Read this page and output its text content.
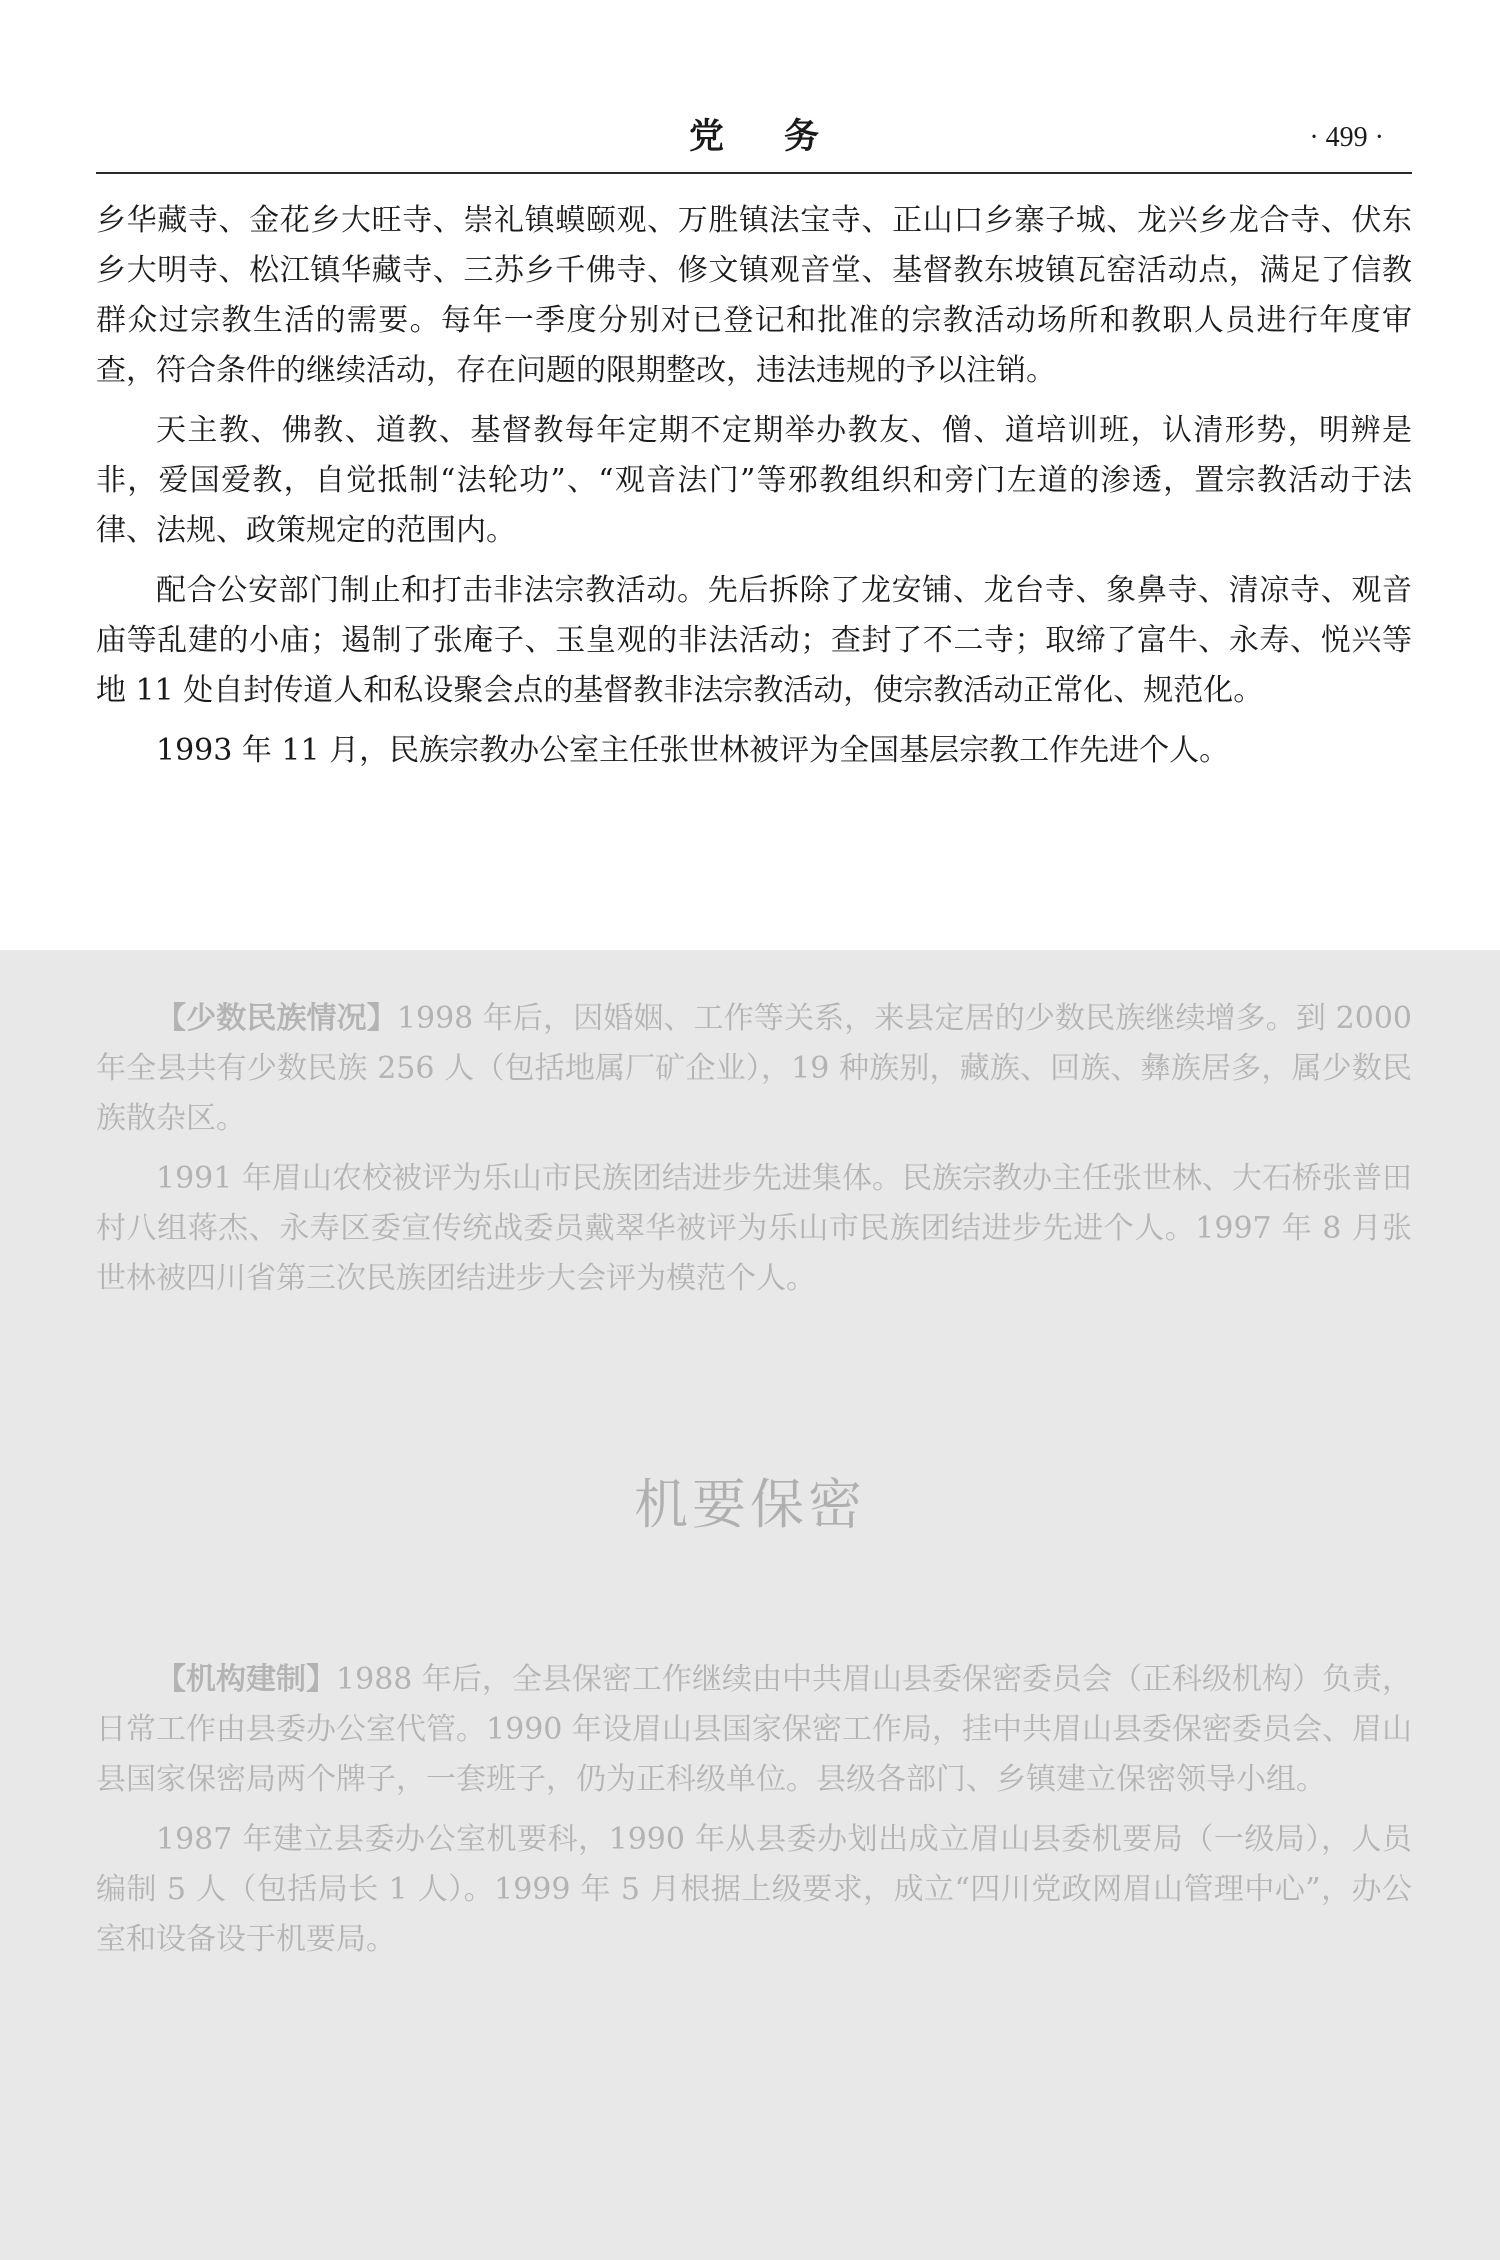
党务	· 499 ·

乡华藏寺、金花乡大旺寺、崇礼镇蟆颐观、万胜镇法宝寺、正山口乡寨子城、龙兴乡龙合寺、伏东乡大明寺、松江镇华藏寺、三苏乡千佛寺、修文镇观音堂、基督教东坡镇瓦窑活动点，满足了信教群众过宗教生活的需要。每年一季度分别对已登记和批准的宗教活动场所和教职人员进行年度审查，符合条件的继续活动，存在问题的限期整改，违法违规的予以注销。

天主教、佛教、道教、基督教每年定期不定期举办教友、僧、道培训班，认清形势，明辨是非，爱国爱教，自觉抵制“法轮功”、“观音法门”等邪教组织和旁门左道的渗透，置宗教活动于法律、法规、政策规定的范围内。

配合公安部门制止和打击非法宗教活动。先后拆除了龙安铺、龙台寺、象鼻寺、清凉寺、观音庙等乱建的小庙；遏制了张庵子、玉皇观的非法活动；查封了不二寺；取缔了富牛、永寿、悦兴等地 11 处自封传道人和私设聚会点的基督教非法宗教活动，使宗教活动正常化、规范化。

1993 年 11 月，民族宗教办公室主任张世林被评为全国基层宗教工作先进个人。

【少数民族情况】1998 年后，因婚姻、工作等关系，来县定居的少数民族继续增多。到 2000 年全县共有少数民族 256 人（包括地属厂矿企业），19 种族别，藏族、回族、彝族居多，属少数民族散杂区。

1991 年眉山农校被评为乐山市民族团结进步先进集体。民族宗教办主任张世林、大石桥张普田村八组蒋杰、永寿区委宣传统战委员戴翠华被评为乐山市民族团结进步先进个人。1997 年 8 月张世林被四川省第三次民族团结进步大会评为模范个人。

机要保密

【机构建制】1988 年后，全县保密工作继续由中共眉山县委保密委员会（正科级机构）负责，日常工作由县委办公室代管。1990 年设眉山县国家保密工作局，挂中共眉山县委保密委员会、眉山县国家保密局两个牌子，一套班子，仍为正科级单位。县级各部门、乡镇建立保密领导小组。

1987 年建立县委办公室机要科，1990 年从县委办划出成立眉山县委机要局（一级局），人员编制 5 人（包括局长 1 人）。1999 年 5 月根据上级要求，成立“四川党政网眉山管理中心”，办公室和设备设于机要局。
